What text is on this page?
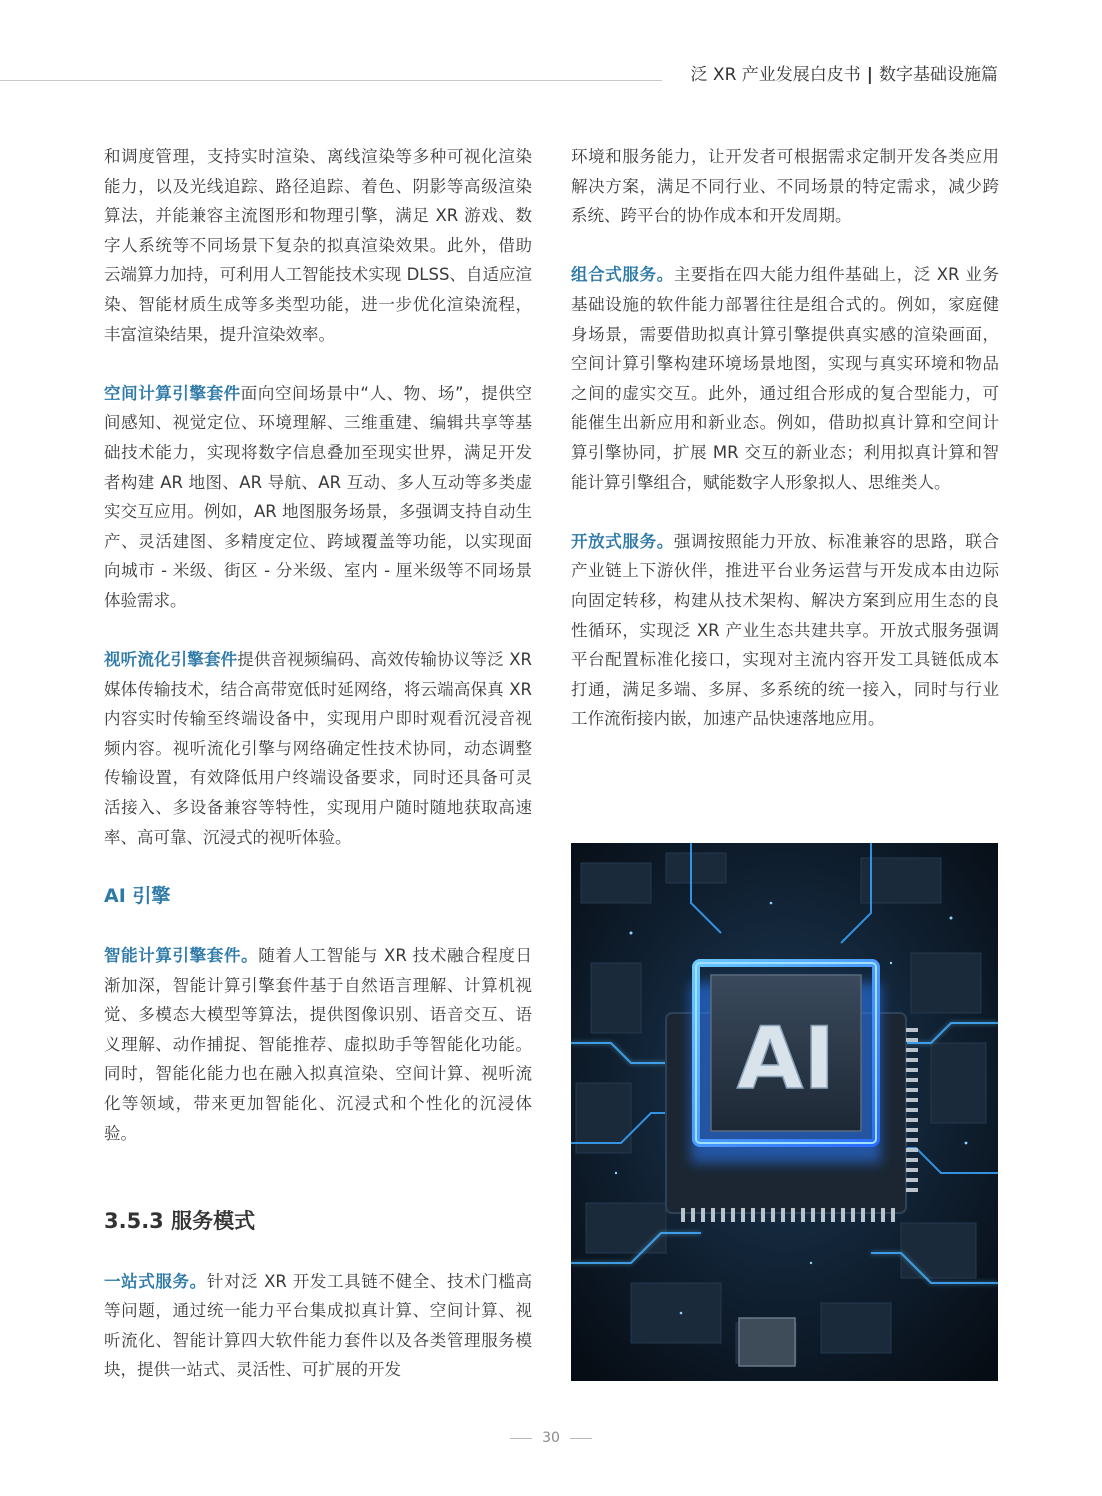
泛 XR 产业发展白皮书 | 数字基础设施篇

和调度管理，支持实时渲染、离线渲染等多种可视化渲染能力，以及光线追踪、路径追踪、着色、阴影等高级渲染算法，并能兼容主流图形和物理引擎，满足 XR 游戏、数字人系统等不同场景下复杂的拟真渲染效果。此外，借助云端算力加持，可利用人工智能技术实现 DLSS、自适应渲染、智能材质生成等多类型功能，进一步优化渲染流程，丰富渲染结果，提升渲染效率。

空间计算引擎套件面向空间场景中“人、物、场”，提供空间感知、视觉定位、环境理解、三维重建、编辑共享等基础技术能力，实现将数字信息叠加至现实世界，满足开发者构建 AR 地图、AR 导航、AR 互动、多人互动等多类虚实交互应用。例如，AR 地图服务场景，多强调支持自动生产、灵活建图、多精度定位、跨域覆盖等功能，以实现面向城市 - 米级、街区 - 分米级、室内 - 厘米级等不同场景体验需求。

视听流化引擎套件提供音视频编码、高效传输协议等泛 XR 媒体传输技术，结合高带宽低时延网络，将云端高保真 XR 内容实时传输至终端设备中，实现用户即时观看沉浸音视频内容。视听流化引擎与网络确定性技术协同，动态调整传输设置，有效降低用户终端设备要求，同时还具备可灵活接入、多设备兼容等特性，实现用户随时随地获取高速率、高可靠、沉浸式的视听体验。

AI 引擎

智能计算引擎套件。随着人工智能与 XR 技术融合程度日渐加深，智能计算引擎套件基于自然语言理解、计算机视觉、多模态大模型等算法，提供图像识别、语音交互、语义理解、动作捕捉、智能推荐、虚拟助手等智能化功能。同时，智能化能力也在融入拟真渲染、空间计算、视听流化等领域，带来更加智能化、沉浸式和个性化的沉浸体验。

3.5.3 服务模式

一站式服务。针对泛 XR 开发工具链不健全、技术门槛高等问题，通过统一能力平台集成拟真计算、空间计算、视听流化、智能计算四大软件能力套件以及各类管理服务模块，提供一站式、灵活性、可扩展的开发

环境和服务能力，让开发者可根据需求定制开发各类应用解决方案，满足不同行业、不同场景的特定需求，减少跨系统、跨平台的协作成本和开发周期。

组合式服务。主要指在四大能力组件基础上，泛 XR 业务基础设施的软件能力部署往往是组合式的。例如，家庭健身场景，需要借助拟真计算引擎提供真实感的渲染画面，空间计算引擎构建环境场景地图，实现与真实环境和物品之间的虚实交互。此外，通过组合形成的复合型能力，可能催生出新应用和新业态。例如，借助拟真计算和空间计算引擎协同，扩展 MR 交互的新业态；利用拟真计算和智能计算引擎组合，赋能数字人形象拟人、思维类人。

开放式服务。强调按照能力开放、标准兼容的思路，联合产业链上下游伙伴，推进平台业务运营与开发成本由边际向固定转移，构建从技术架构、解决方案到应用生态的良性循环，实现泛 XR 产业生态共建共享。开放式服务强调平台配置标准化接口，实现对主流内容开发工具链低成本打通，满足多端、多屏、多系统的统一接入，同时与行业工作流衔接内嵌，加速产品快速落地应用。

AI
30
